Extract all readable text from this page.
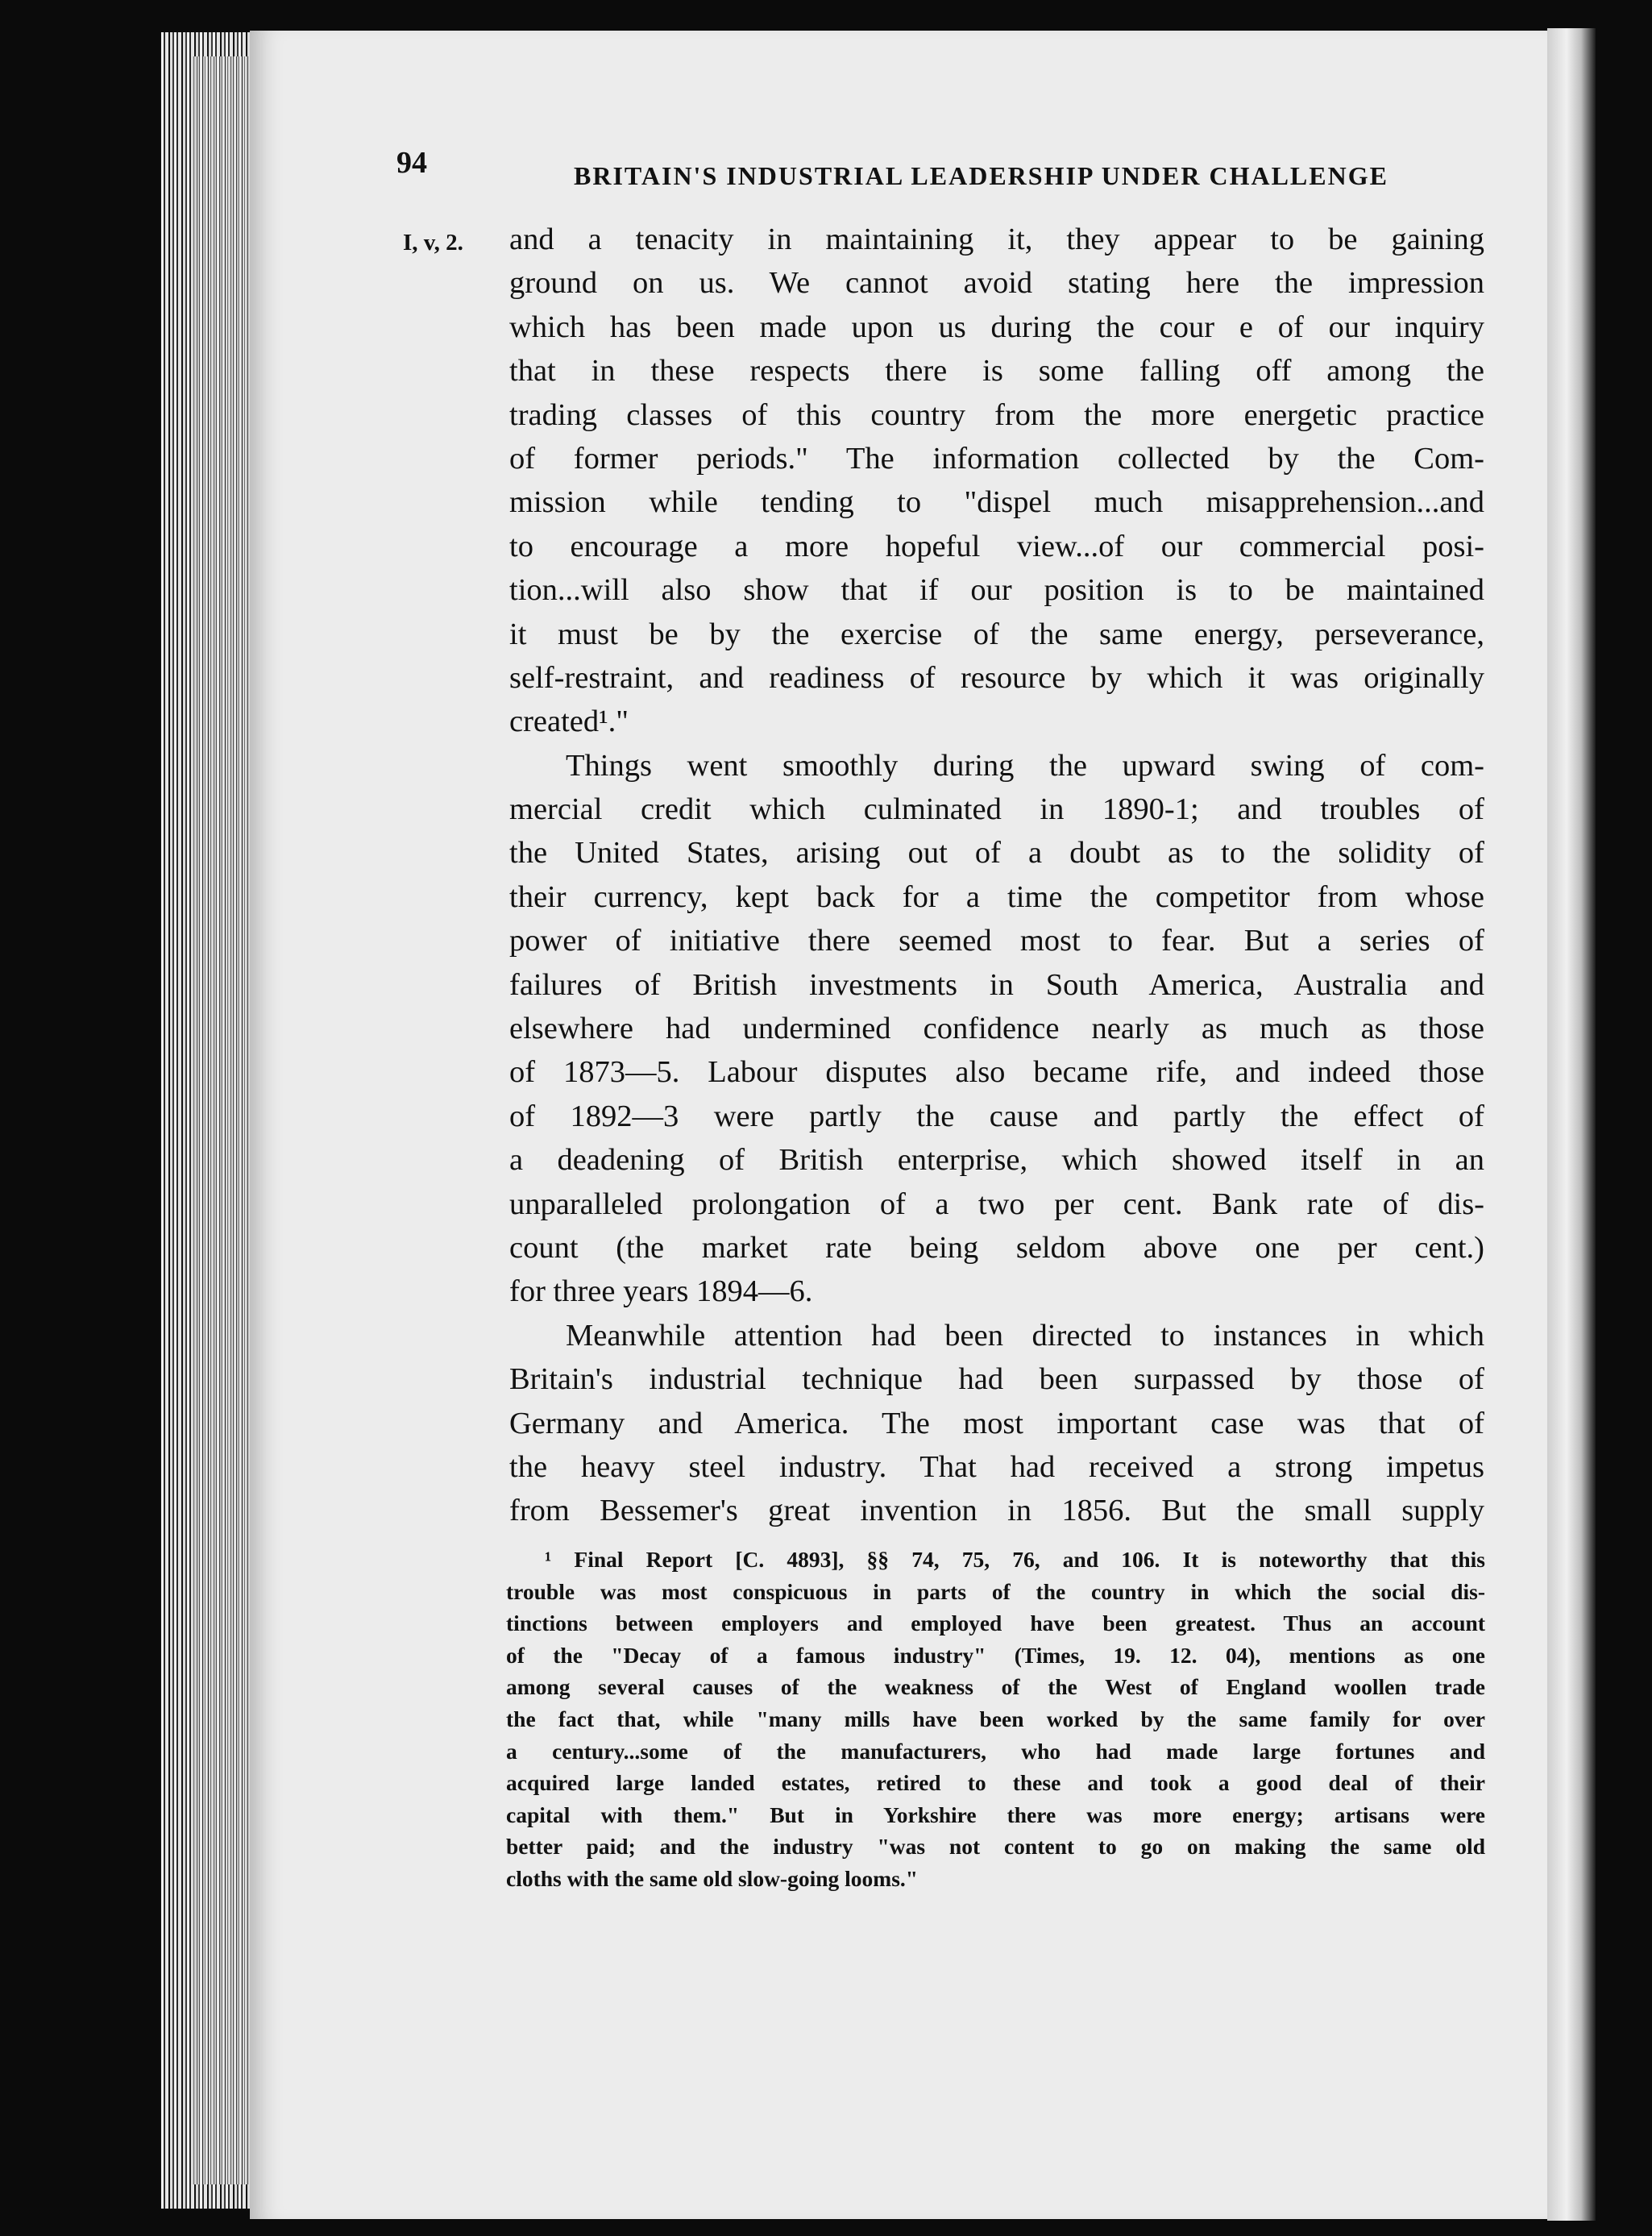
94	BRITAIN'S INDUSTRIAL LEADERSHIP UNDER CHALLENGE
I, v, 2. and a tenacity in maintaining it, they appear to be gaining
ground on us. We cannot avoid stating here the impression
which has been made upon us during the cour e of our inquiry
that in these respects there is some falling off among the
trading classes of this country from the more energetic practice
of former periods." The information collected by the Com-
mission while tending to "dispel much misapprehension...and
to encourage a more hopeful view...of our commercial posi-
tion...will also show that if our position is to be maintained
it must be by the exercise of the same energy, perseverance,
self-restraint, and readiness of resource by which it was originally
created¹."
Things went smoothly during the upward swing of com-
mercial credit which culminated in 1890-1; and troubles of
the United States, arising out of a doubt as to the solidity of
their currency, kept back for a time the competitor from whose
power of initiative there seemed most to fear. But a series of
failures of British investments in South America, Australia and
elsewhere had undermined confidence nearly as much as those
of 1873—5. Labour disputes also became rife, and indeed those
of 1892—3 were partly the cause and partly the effect of
a deadening of British enterprise, which showed itself in an
unparalleled prolongation of a two per cent. Bank rate of dis-
count (the market rate being seldom above one per cent.)
for three years 1894—6.
Meanwhile attention had been directed to instances in which
Britain's industrial technique had been surpassed by those of
Germany and America. The most important case was that of
the heavy steel industry. That had received a strong impetus
from Bessemer's great invention in 1856. But the small supply
¹ Final Report [C. 4893], §§ 74, 75, 76, and 106. It is noteworthy that this
trouble was most conspicuous in parts of the country in which the social dis-
tinctions between employers and employed have been greatest. Thus an account
of the "Decay of a famous industry" (Times, 19. 12. 04), mentions as one
among several causes of the weakness of the West of England woollen trade
the fact that, while "many mills have been worked by the same family for over
a century...some of the manufacturers, who had made large fortunes and
acquired large landed estates, retired to these and took a good deal of their
capital with them." But in Yorkshire there was more energy; artisans were
better paid; and the industry "was not content to go on making the same old
cloths with the same old slow-going looms."
